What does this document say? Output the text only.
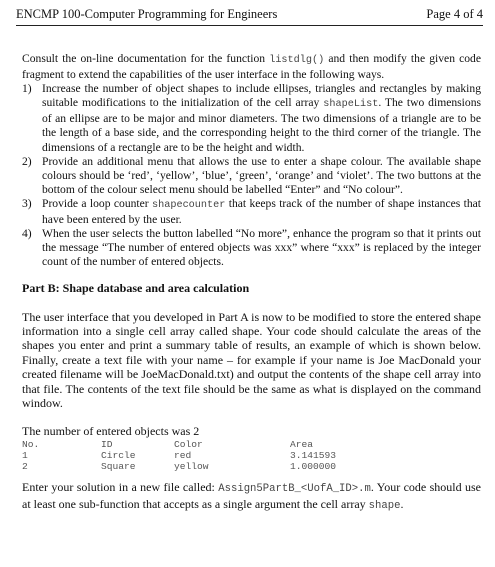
ENCMP 100-Computer Programming for Engineers	Page 4 of 4

Consult the on-line documentation for the function listdlg() and then modify the given code fragment to extend the capabilities of the user interface in the following ways.

1) Increase the number of object shapes to include ellipses, triangles and rectangles by making suitable modifications to the initialization of the cell array shapeList. The two dimensions of an ellipse are to be major and minor diameters. The two dimensions of a triangle are to be the length of a base side, and the corresponding height to the third corner of the triangle. The dimensions of a rectangle are to be the height and width.
2) Provide an additional menu that allows the use to enter a shape colour. The available shape colours should be ‘red’, ‘yellow’, ‘blue’, ‘green’, ‘orange’ and ‘violet’. The two buttons at the bottom of the colour select menu should be labelled “Enter” and “No colour”.
3) Provide a loop counter shapecounter that keeps track of the number of shape instances that have been entered by the user.
4) When the user selects the button labelled “No more”, enhance the program so that it prints out the message “The number of entered objects was xxx” where “xxx” is replaced by the integer count of the number of entered objects.
Part B: Shape database and area calculation

The user interface that you developed in Part A is now to be modified to store the entered shape information into a single cell array called shape. Your code should calculate the areas of the shapes you enter and print a summary table of results, an example of which is shown below. Finally, create a text file with your name – for example if your name is Joe MacDonald your created filename will be JoeMacDonald.txt) and output the contents of the shape cell array into that file. The contents of the text file should be the same as what is displayed on the command window.

The number of entered objects was 2
No.	ID	Color	Area
1	Circle	red	3.141593
2	Square	yellow	1.000000

Enter your solution in a new file called: Assign5PartB_<UofA_ID>.m. Your code should use at least one sub-function that accepts as a single argument the cell array shape.
